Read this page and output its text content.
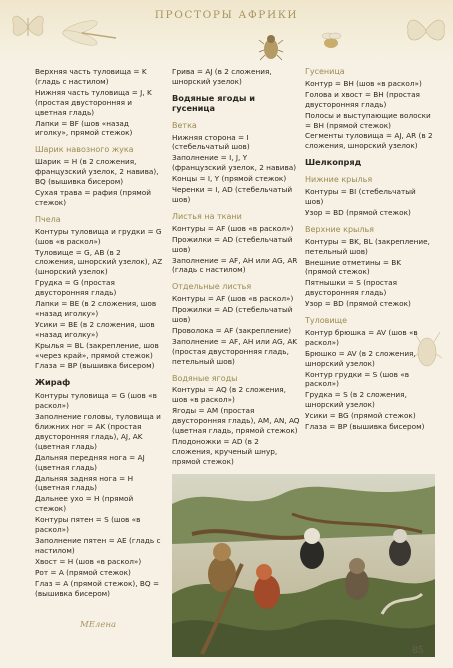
ПРОСТОРЫ АФРИКИ
Верхняя часть туловища = K (гладь с настилом)
Нижняя часть туловища = J, K (простая двусторонняя и цветная гладь)
Лапки = BF (шов «назад иголку», прямой стежок)
Шарик навозного жука
Шарик = H (в 2 сложения, французский узелок, 2 навива), BQ (вышивка бисером)
Сухая трава = рафия (прямой стежок)
Пчела
Контуры туловища и грудки = G (шов «в раскол»)
Туловище = G, AB (в 2 сложения, шнорский узелок), AZ (шнорский узелок)
Грудка = G (простая двусторонняя гладь)
Лапки = BE (в 2 сложения, шов «назад иголку»)
Усики = BE (в 2 сложения, шов «назад иголку»)
Крылья = BL (закрепление, шов «через край», прямой стежок)
Глаза = BP (вышивка бисером)
Жираф
Контуры туловища = G (шов «в раскол»)
Заполнение головы, туловища и ближних ног = AK (простая двусторонняя гладь), AJ, AK (цветная гладь)
Дальняя передняя нога = AJ (цветная гладь)
Дальняя задняя нога = H (цветная гладь)
Дальнее ухо = H (прямой стежок)
Контуры пятен = S (шов «в раскол»)
Заполнение пятен = AE (гладь с настилом)
Хвост = H (шов «в раскол»)
Рот = A (прямой стежок)
Глаз = A (прямой стежок), BQ = (вышивка бисером)
Грива = AJ (в 2 сложения, шнорский узелок)
Водяные ягоды и гусеница
Ветка
Нижняя сторона = I (стебельчатый шов)
Заполнение = I, J, Y (французский узелок, 2 навива)
Концы = I, Y (прямой стежок)
Черенки = I, AD (стебельчатый шов)
Листья на ткани
Контуры = AF (шов «в раскол»)
Прожилки = AD (стебельчатый шов)
Заполнение = AF, AH или AG, AR (гладь с настилом)
Отдельные листья
Контуры = AF (шов «в раскол»)
Прожилки = AD (стебельчатый шов)
Проволока = AF (закрепление)
Заполнение = AF, AH или AG, AK (простая двусторонняя гладь, петельный шов)
Водяные ягоды
Контуры = AQ (в 2 сложения, шов «в раскол»)
Ягоды = AM (простая двусторонняя гладь), AM, AN, AQ (цветная гладь, прямой стежок)
Плодоножки = AD (в 2 сложения, крученый шнур, прямой стежок)
Гусеница
Контур = BH (шов «в раскол»)
Голова и хвост = BH (простая двусторонняя гладь)
Полосы и выступающие волоски = BH (прямой стежок)
Сегменты туловища = AJ, AR (в 2 сложения, шнорский узелок)
Шелкопряд
Нижние крылья
Контуры = BI (стебельчатый шов)
Узор = BD (прямой стежок)
Верхние крылья
Контуры = BK, BL (закрепление, петельный шов)
Внешние отметины = BK (прямой стежок)
Пятнышки = S (простая двусторонняя гладь)
Узор = BD (прямой стежок)
Туловище
Контур брюшка = AV (шов «в раскол»)
Брюшко = AV (в 2 сложения, шнорский узелок)
Контур грудки = S (шов «в раскол»)
Грудка = S (в 2 сложения, шнорский узелок)
Усики = BG (прямой стежок)
Глаза = BP (вышивка бисером)
МЕлена
85
